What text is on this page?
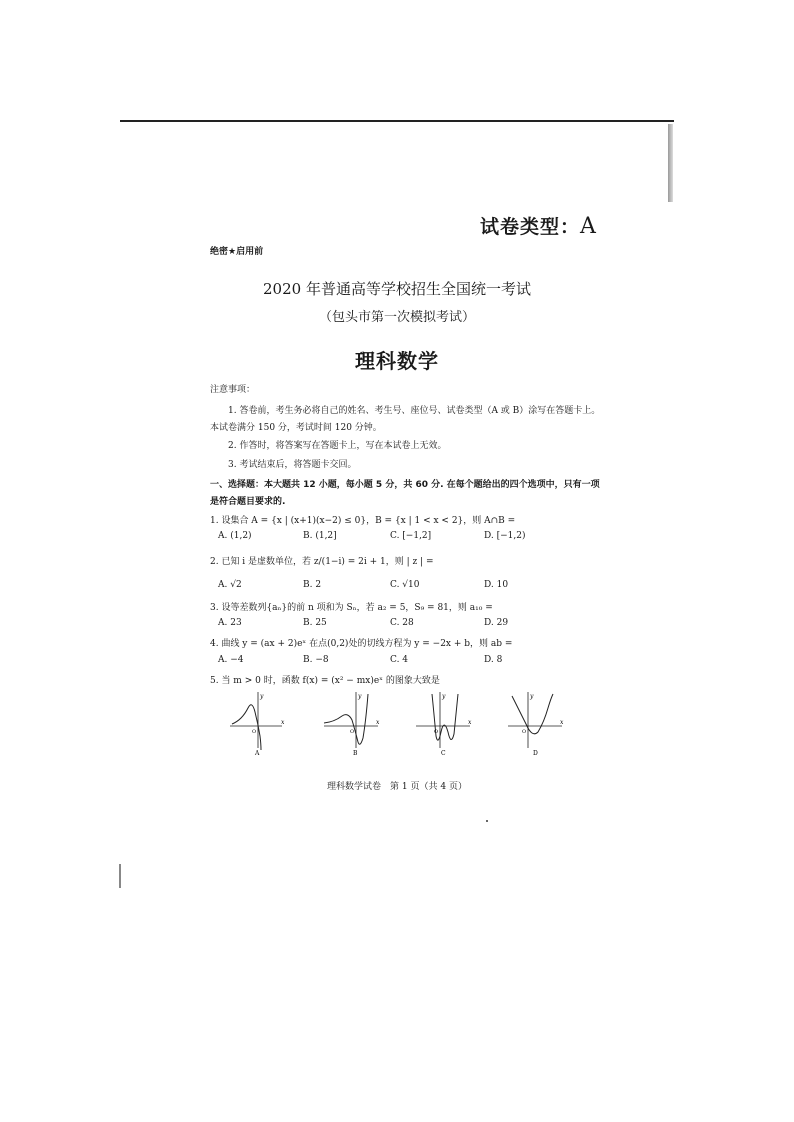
试卷类型：A
绝密★启用前
2020 年普通高等学校招生全国统一考试
（包头市第一次模拟考试）
理科数学
注意事项：
1. 答卷前，考生务必将自己的姓名、考生号、座位号、试卷类型（A 或 B）涂写在答题卡上。
本试卷满分 150 分，考试时间 120 分钟。
2. 作答时，将答案写在答题卡上，写在本试卷上无效。
3. 考试结束后，将答题卡交回。
一、选择题：本大题共 12 小题，每小题 5 分，共 60 分. 在每个题给出的四个选项中，只有一项
是符合题目要求的.
1. 设集合 A = {x | (x+1)(x−2) ≤ 0}，B = {x | 1 < x < 2}，则 A∩B =
A. (1,2)	B. (1,2]	C. [−1,2]	D. [−1,2)
2. 已知 i 是虚数单位，若 z/(1−i) = 2i + 1，则 | z | =
A. √2	B. 2	C. √10	D. 10
3. 设等差数列{aₙ}的前 n 项和为 Sₙ，若 a₂ = 5，S₉ = 81，则 a₁₀ =
A. 23	B. 25	C. 28	D. 29
4. 曲线 y = (ax + 2)eˣ 在点(0,2)处的切线方程为 y = −2x + b，则 ab =
A. −4	B. −8	C. 4	D. 8
5. 当 m > 0 时，函数 f(x) = (x² − mx)eˣ 的图象大致是
y
x
O
A
y
x
O
B
y
x
O
C
y
x
O
D
理科数学试卷　第 1 页（共 4 页）
